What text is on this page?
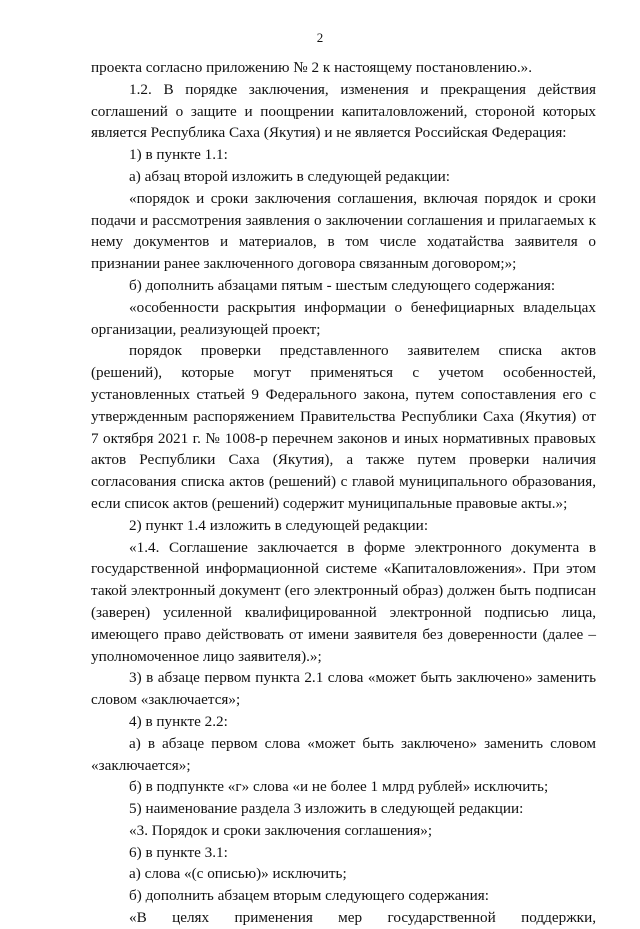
2

проекта согласно приложению № 2 к настоящему постановлению.».

1.2. В порядке заключения, изменения и прекращения действия соглашений о защите и поощрении капиталовложений, стороной которых является Республика Саха (Якутия) и не является Российская Федерация:

1) в пункте 1.1:

а) абзац второй изложить в следующей редакции:

«порядок и сроки заключения соглашения, включая порядок и сроки подачи и рассмотрения заявления о заключении соглашения и прилагаемых к нему документов и материалов, в том числе ходатайства заявителя о признании ранее заключенного договора связанным договором;»;

б) дополнить абзацами пятым - шестым следующего содержания:

«особенности раскрытия информации о бенефициарных владельцах организации, реализующей проект;

порядок проверки представленного заявителем списка актов (решений), которые могут применяться с учетом особенностей, установленных статьей 9 Федерального закона, путем сопоставления его с утвержденным распоряжением Правительства Республики Саха (Якутия) от 7 октября 2021 г. № 1008-р перечнем законов и иных нормативных правовых актов Республики Саха (Якутия), а также путем проверки наличия согласования списка актов (решений) с главой муниципального образования, если список актов (решений) содержит муниципальные правовые акты.»;

2) пункт 1.4 изложить в следующей редакции:

«1.4. Соглашение заключается в форме электронного документа в государственной информационной системе «Капиталовложения». При этом такой электронный документ (его электронный образ) должен быть подписан (заверен) усиленной квалифицированной электронной подписью лица, имеющего право действовать от имени заявителя без доверенности (далее – уполномоченное лицо заявителя).»;

3) в абзаце первом пункта 2.1 слова «может быть заключено» заменить словом «заключается»;

4) в пункте 2.2:

а) в абзаце первом слова «может быть заключено» заменить словом «заключается»;

б) в подпункте «г» слова «и не более 1 млрд рублей» исключить;

5) наименование раздела 3 изложить в следующей редакции:

«3. Порядок и сроки заключения соглашения»;

6) в пункте 3.1:

а) слова «(с описью)» исключить;

б) дополнить абзацем вторым следующего содержания:

«В целях применения мер государственной поддержки,
